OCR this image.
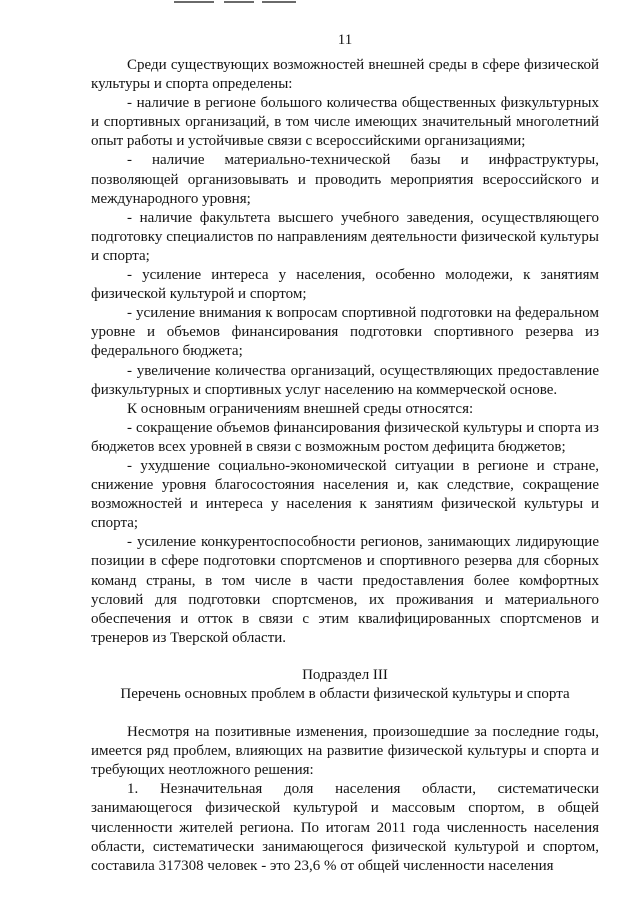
11

Среди существующих возможностей внешней среды в сфере физической культуры и спорта определены:

- наличие в регионе большого количества общественных физкультурных и спортивных организаций, в том числе имеющих значительный многолетний опыт работы и устойчивые связи с всероссийскими организациями;

- наличие материально-технической базы и инфраструктуры, позволяющей организовывать и проводить мероприятия всероссийского и международного уровня;

- наличие факультета высшего учебного заведения, осуществляющего подготовку специалистов по направлениям деятельности физической культуры и спорта;

- усиление интереса у населения, особенно молодежи, к занятиям физической культурой и спортом;

- усиление внимания к вопросам спортивной подготовки на федеральном уровне и объемов финансирования подготовки спортивного резерва из федерального бюджета;

- увеличение количества организаций, осуществляющих предоставление физкультурных и спортивных услуг населению на коммерческой основе.

К основным ограничениям внешней среды относятся:

- сокращение объемов финансирования физической культуры и спорта из бюджетов всех уровней в связи с возможным ростом дефицита бюджетов;

- ухудшение социально-экономической ситуации в регионе и стране, снижение уровня благосостояния населения и, как следствие, сокращение возможностей и интереса у населения к занятиям физической культуры и спорта;

- усиление конкурентоспособности регионов, занимающих лидирующие позиции в сфере подготовки спортсменов и спортивного резерва для сборных команд страны, в том числе в части предоставления более комфортных условий для подготовки спортсменов, их проживания и материального обеспечения и отток в связи с этим квалифицированных спортсменов и тренеров из Тверской области.

Подраздел III

Перечень основных проблем в области физической культуры и спорта

Несмотря на позитивные изменения, произошедшие за последние годы, имеется ряд проблем, влияющих на развитие физической культуры и спорта и требующих неотложного решения:

1. Незначительная доля населения области, систематически занимающегося физической культурой и массовым спортом, в общей численности жителей региона. По итогам 2011 года численность населения области, систематически занимающегося физической культурой и спортом, составила 317308 человек - это 23,6 % от общей численности населения
